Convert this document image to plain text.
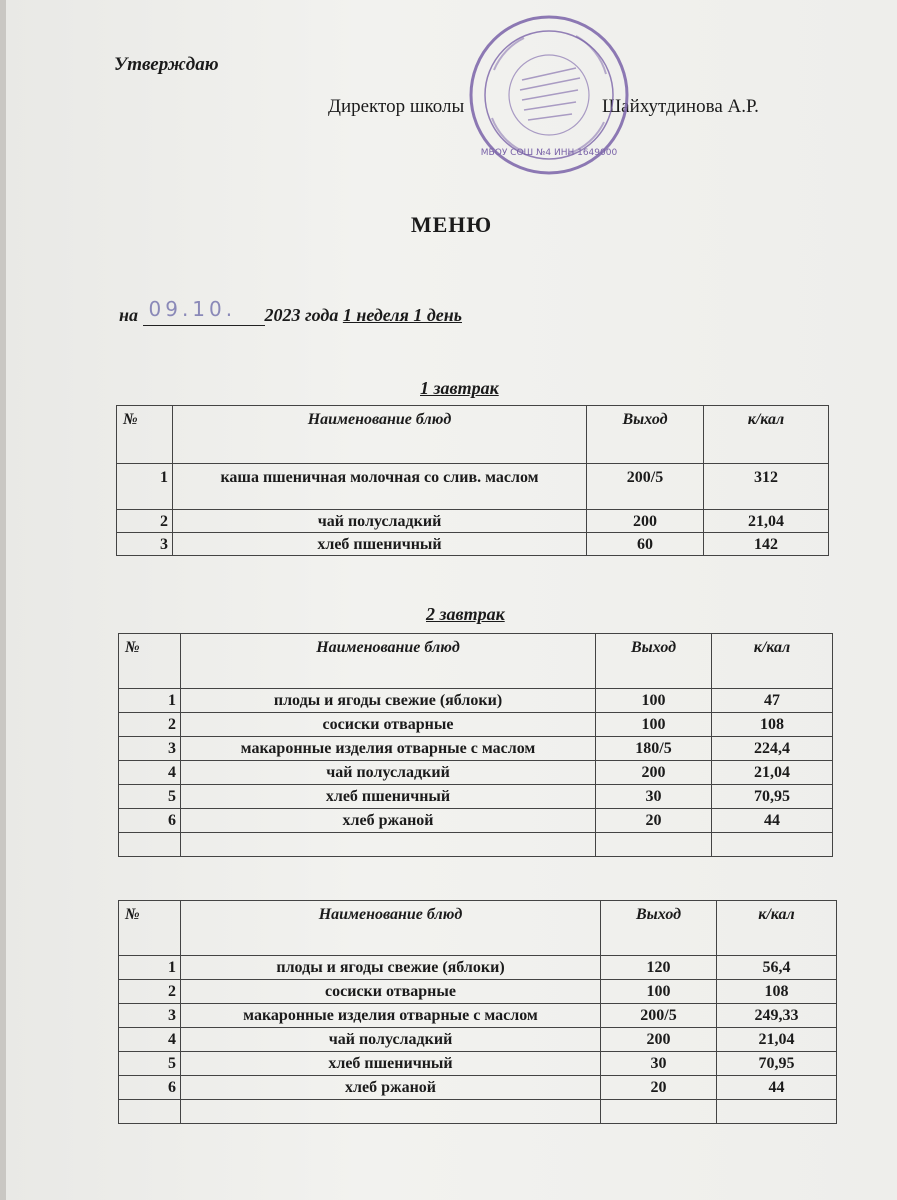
Утверждаю
Директор школы	Шайхутдинова А.Р.
МБОУ СОШ №4 ИНН 1649000
МЕНЮ
на 09.10. 2023 года 1 неделя 1 день
1 завтрак
№	Наименование блюд	Выход	к/кал
1	каша пшеничная молочная со слив. маслом	200/5	312
2	чай полусладкий	200	21,04
3	хлеб пшеничный	60	142
2 завтрак
№	Наименование блюд	Выход	к/кал
1	плоды и ягоды свежие (яблоки)	100	47
2	сосиски отварные	100	108
3	макаронные изделия отварные с маслом	180/5	224,4
4	чай полусладкий	200	21,04
5	хлеб пшеничный	30	70,95
6	хлеб ржаной	20	44

№	Наименование блюд	Выход	к/кал
1	плоды и ягоды свежие (яблоки)	120	56,4
2	сосиски отварные	100	108
3	макаронные изделия отварные с маслом	200/5	249,33
4	чай полусладкий	200	21,04
5	хлеб пшеничный	30	70,95
6	хлеб ржаной	20	44
